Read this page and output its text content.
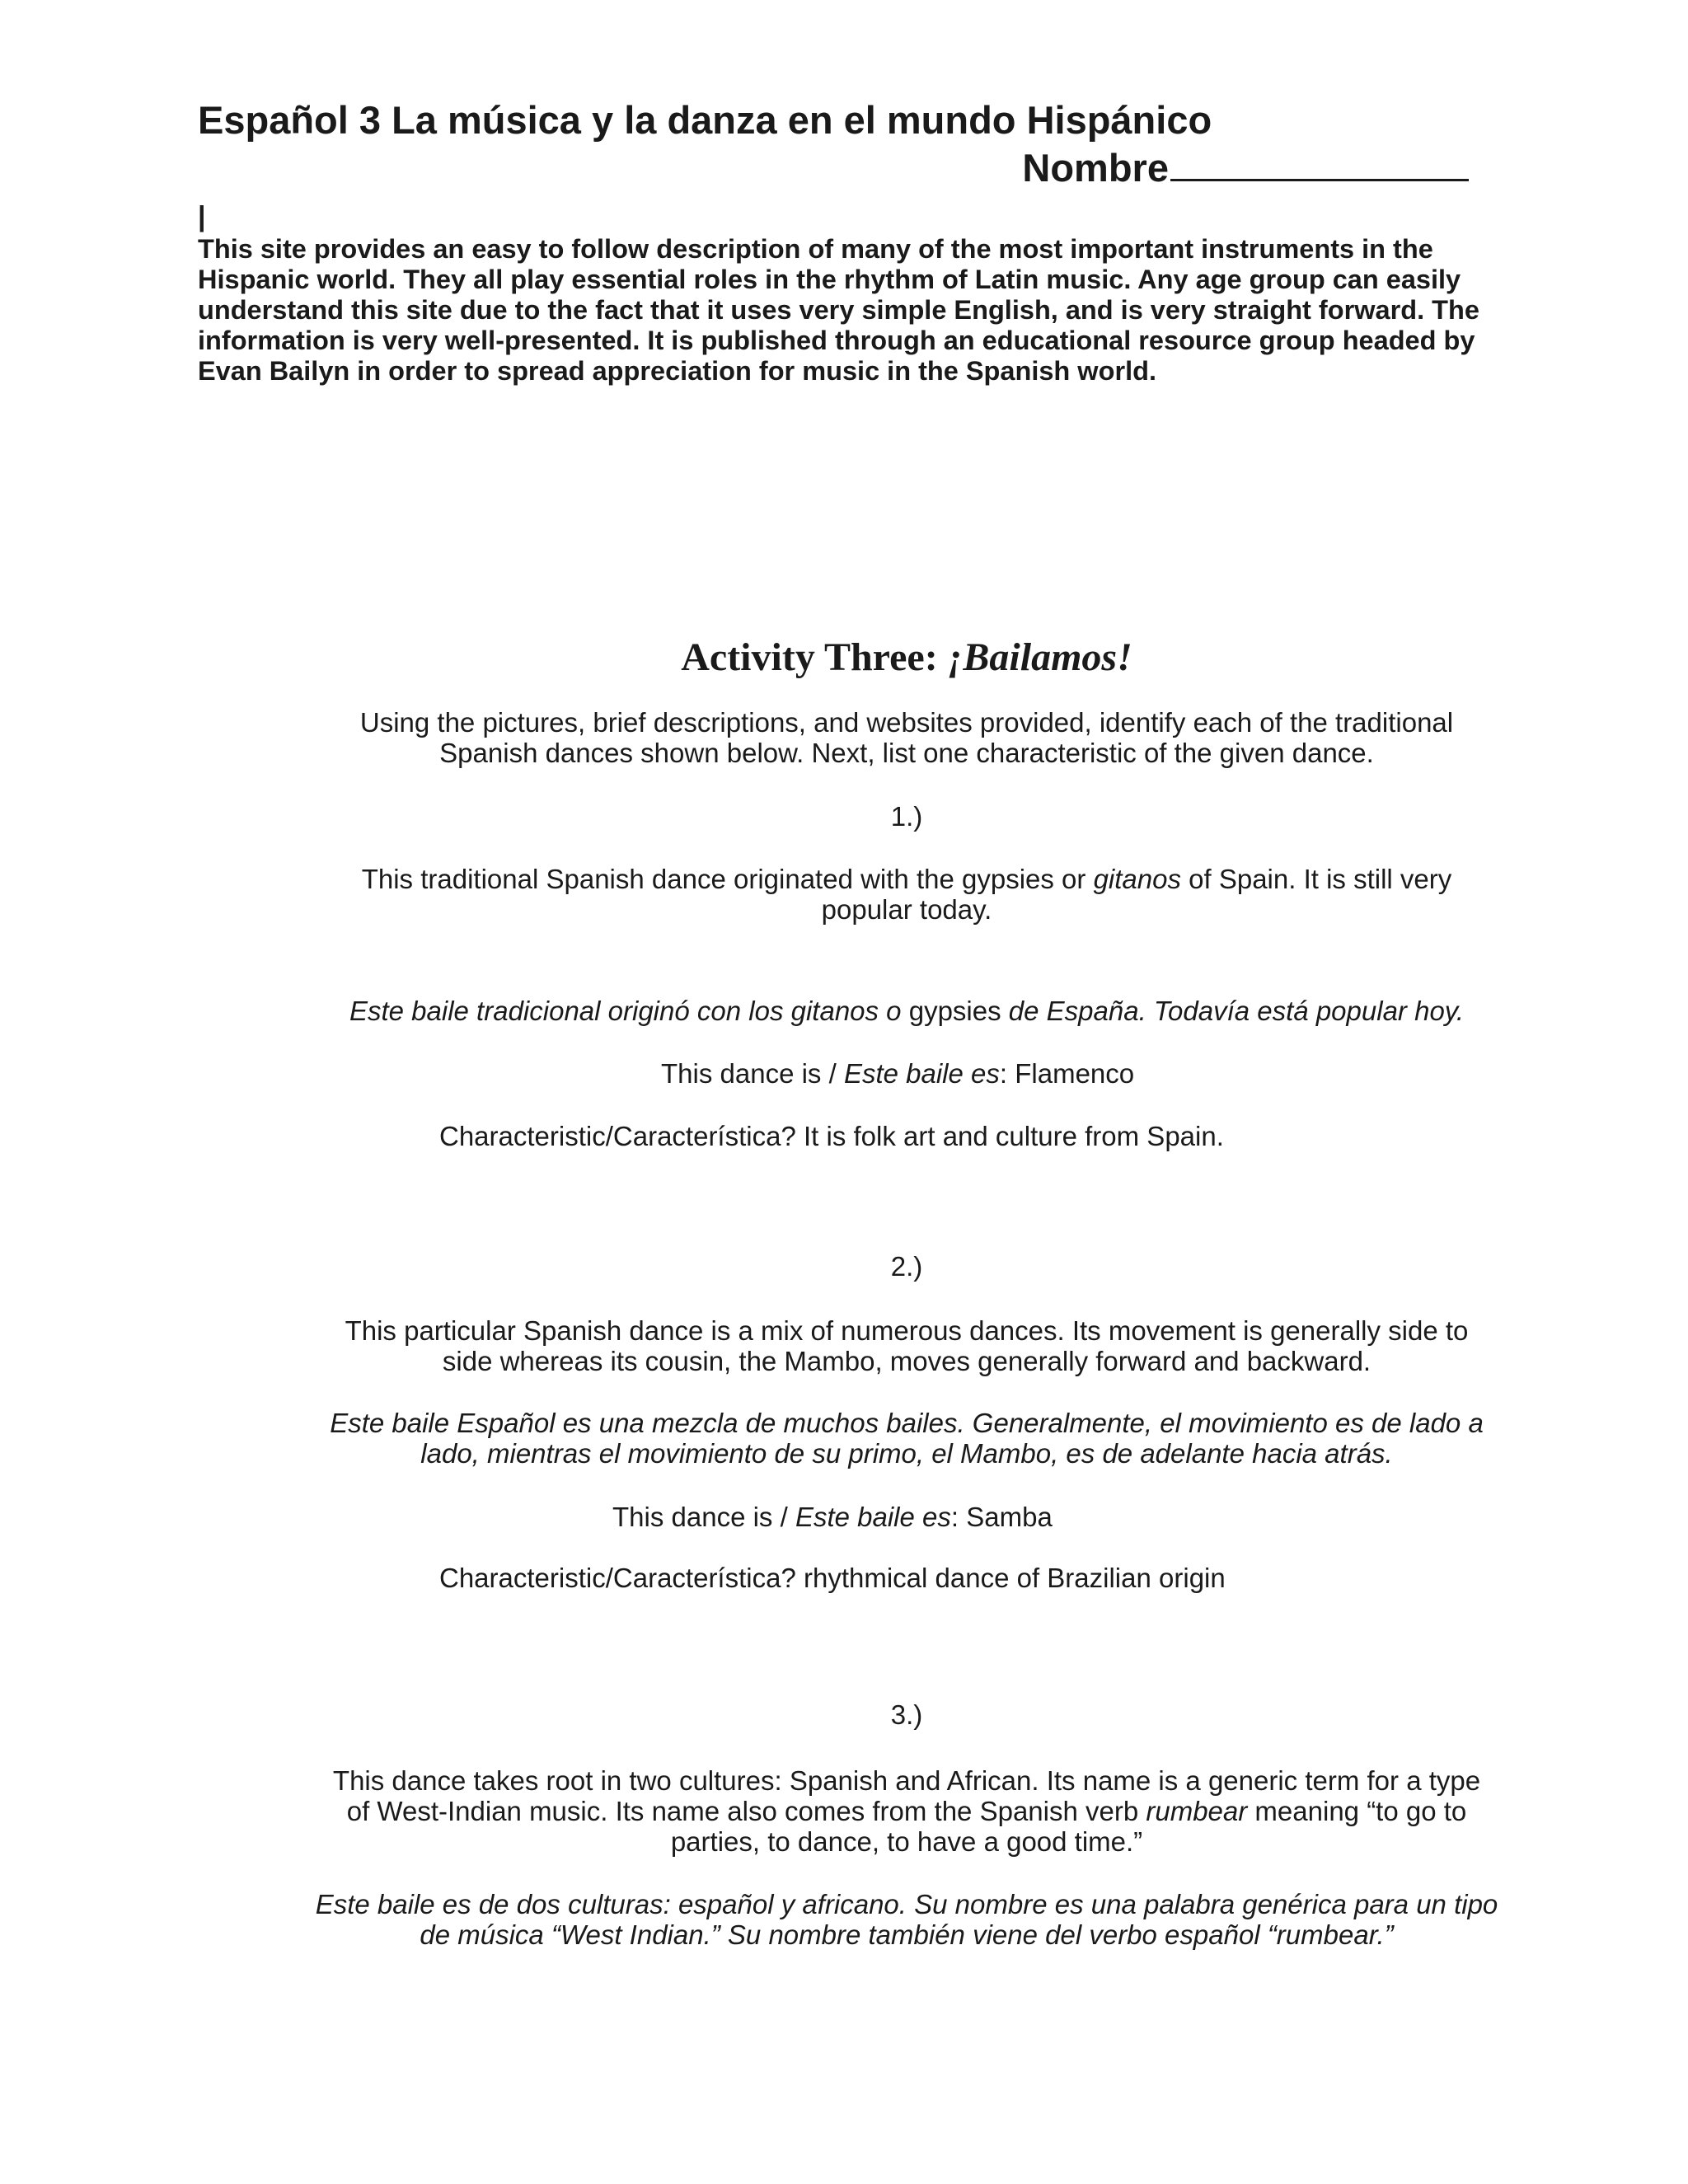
Español 3 La música y la danza en el mundo Hispánico
Nombre
|

This site provides an easy to follow description of many of the most important instruments in the Hispanic world. They all play essential roles in the rhythm of Latin music. Any age group can easily understand this site due to the fact that it uses very simple English, and is very straight forward. The information is very well-presented. It is published through an educational resource group headed by Evan Bailyn in order to spread appreciation for music in the Spanish world.

Activity Three: ¡Bailamos!

Using the pictures, brief descriptions, and websites provided, identify each of the traditional Spanish dances shown below. Next, list one characteristic of the given dance.

1.)

This traditional Spanish dance originated with the gypsies or gitanos of Spain. It is still very popular today.

Este baile tradicional originó con los gitanos o gypsies de España. Todavía está popular hoy.

This dance is / Este baile es: Flamenco

Characteristic/Característica? It is folk art and culture from Spain.

2.)

This particular Spanish dance is a mix of numerous dances. Its movement is generally side to side whereas its cousin, the Mambo, moves generally forward and backward.

Este baile Español es una mezcla de muchos bailes. Generalmente, el movimiento es de lado a lado, mientras el movimiento de su primo, el Mambo, es de adelante hacia atrás.

This dance is / Este baile es: Samba

Characteristic/Característica? rhythmical dance of Brazilian origin

3.)

This dance takes root in two cultures: Spanish and African. Its name is a generic term for a type of West-Indian music. Its name also comes from the Spanish verb rumbear meaning “to go to parties, to dance, to have a good time.”

Este baile es de dos culturas: español y africano. Su nombre es una palabra genérica para un tipo de música “West Indian.” Su nombre también viene del verbo español “rumbear.”
